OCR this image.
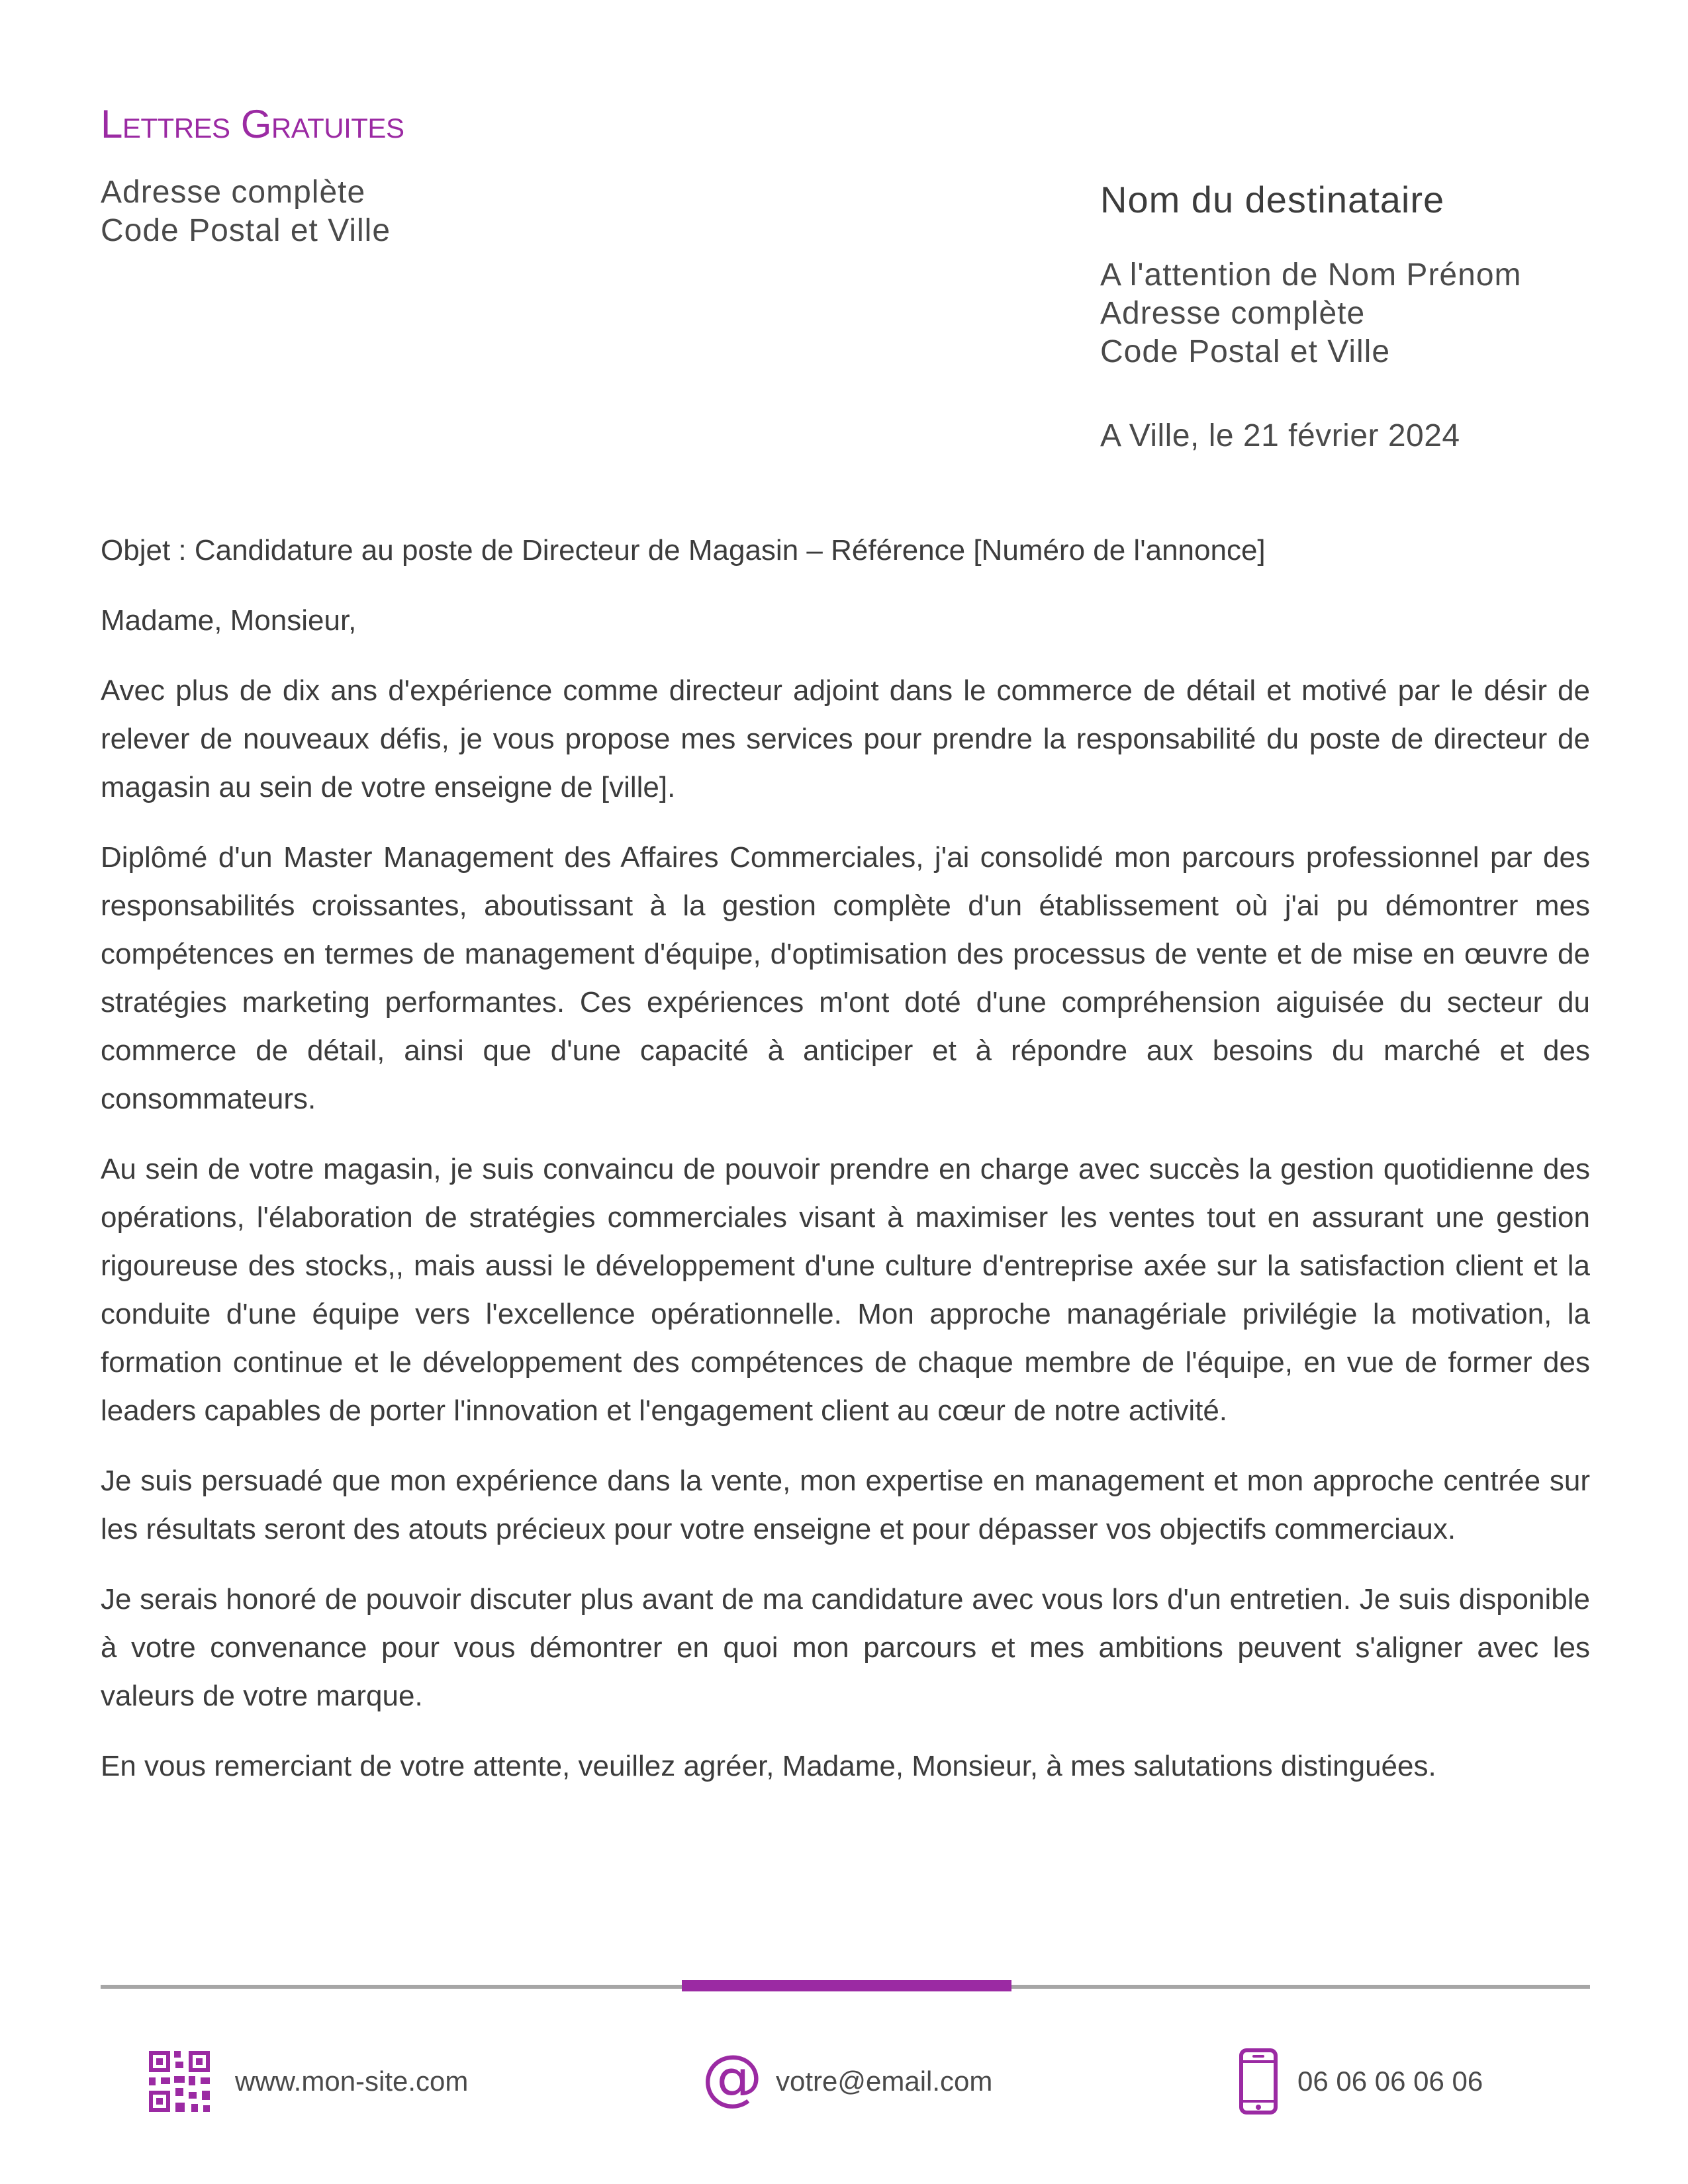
Lettres Gratuites
Adresse complète
Code Postal et Ville
Nom du destinataire
A l'attention de Nom Prénom
Adresse complète
Code Postal et Ville
A Ville, le 21 février 2024

Objet : Candidature au poste de Directeur de Magasin – Référence [Numéro de l'annonce]

Madame, Monsieur,

Avec plus de dix ans d'expérience comme directeur adjoint dans le commerce de détail et motivé par le désir de relever de nouveaux défis, je vous propose mes services pour prendre la responsabilité du poste de directeur de magasin au sein de votre enseigne de [ville].

Diplômé d'un Master Management des Affaires Commerciales, j'ai consolidé mon parcours professionnel par des responsabilités croissantes, aboutissant à la gestion complète d'un établissement où j'ai pu démontrer mes compétences en termes de management d'équipe, d'optimisation des processus de vente et de mise en œuvre de stratégies marketing performantes. Ces expériences m'ont doté d'une compréhension aiguisée du secteur du commerce de détail, ainsi que d'une capacité à anticiper et à répondre aux besoins du marché et des consommateurs.

Au sein de votre magasin, je suis convaincu de pouvoir prendre en charge avec succès la gestion quotidienne des opérations, l'élaboration de stratégies commerciales visant à maximiser les ventes tout en assurant une gestion rigoureuse des stocks,, mais aussi le développement d'une culture d'entreprise axée sur la satisfaction client et la conduite d'une équipe vers l'excellence opérationnelle. Mon approche managériale privilégie la motivation, la formation continue et le développement des compétences de chaque membre de l'équipe, en vue de former des leaders capables de porter l'innovation et l'engagement client au cœur de notre activité.

Je suis persuadé que mon expérience dans la vente, mon expertise en management et mon approche centrée sur les résultats seront des atouts précieux pour votre enseigne et pour dépasser vos objectifs commerciaux.

Je serais honoré de pouvoir discuter plus avant de ma candidature avec vous lors d'un entretien. Je suis disponible à votre convenance pour vous démontrer en quoi mon parcours et mes ambitions peuvent s'aligner avec les valeurs de votre marque.

En vous remerciant de votre attente, veuillez agréer, Madame, Monsieur, à mes salutations distinguées.

www.mon-site.com	@ votre@email.com	06 06 06 06 06
